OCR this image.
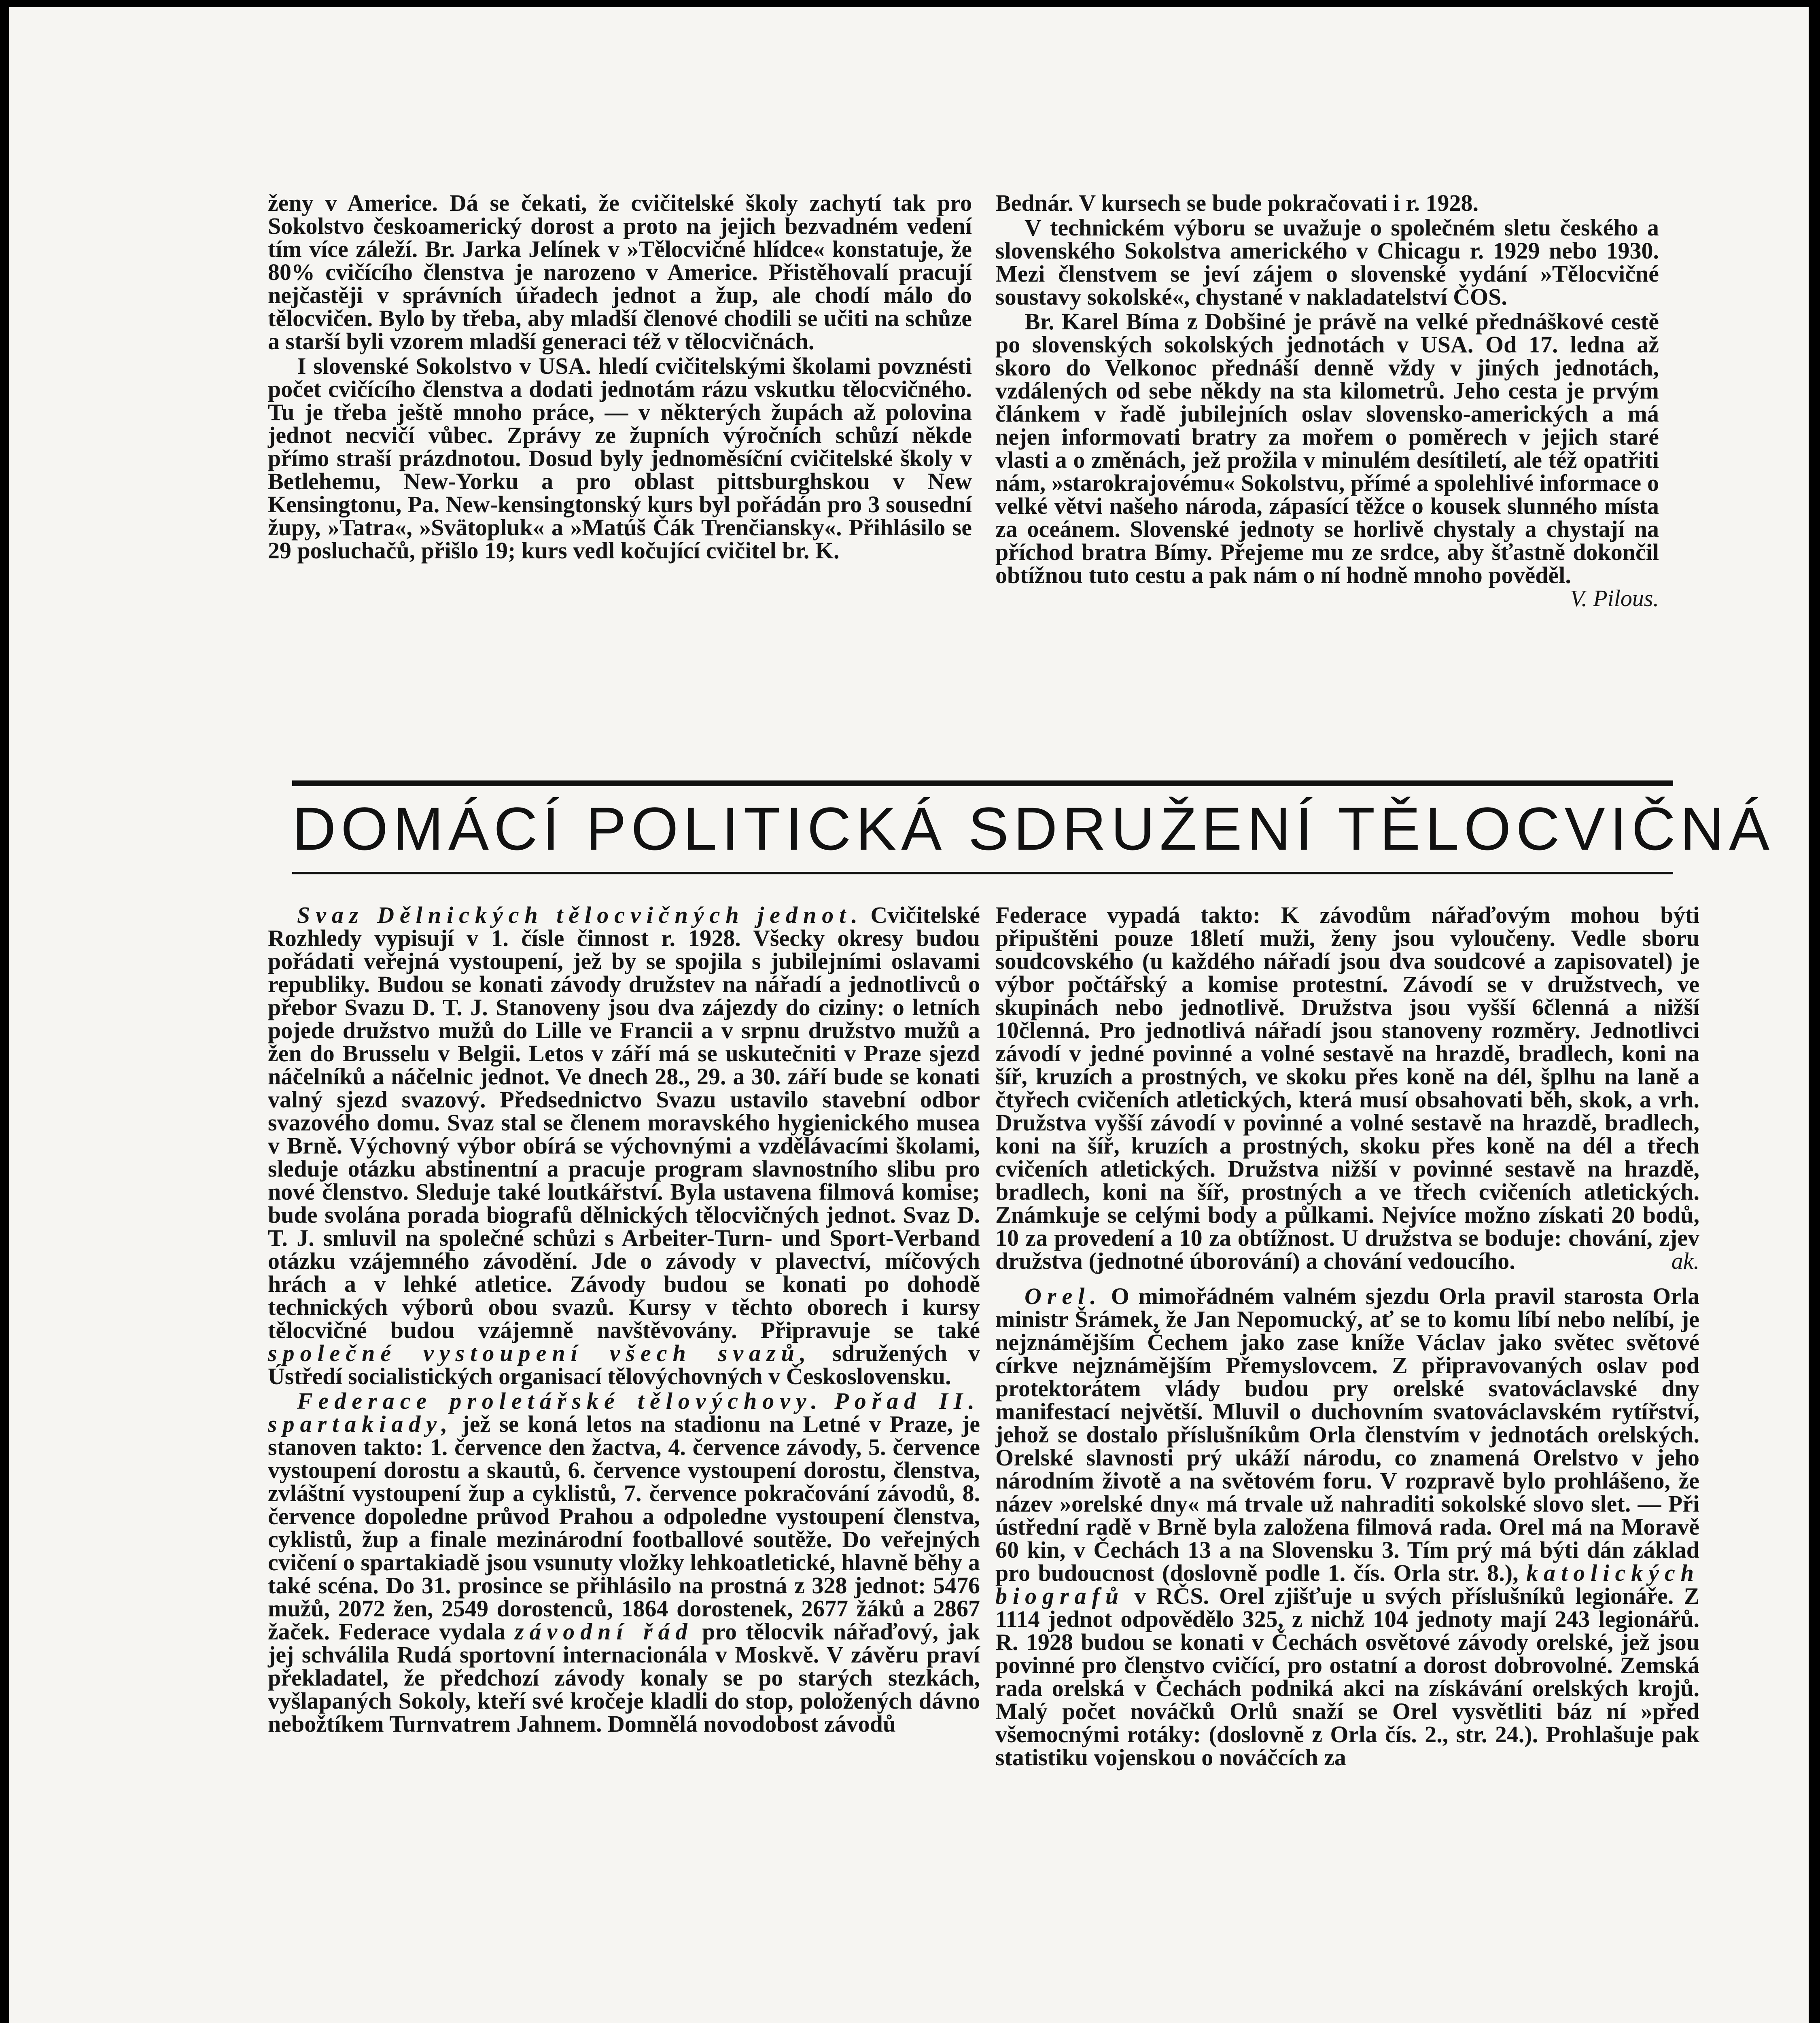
ženy v Americe. Dá se čekati, že cvičitelské školy zachytí tak pro Sokolstvo českoamerický dorost a proto na jejich bezvadném vedení tím více záleží. Br. Jarka Jelínek v »Tělocvičné hlídce« konstatuje, že 80% cvičícího členstva je narozeno v Americe. Přistěhovalí pracují nejčastěji v správních úřadech jednot a žup, ale chodí málo do tělocvičen. Bylo by třeba, aby mladší členové chodili se učiti na schůze a starší byli vzorem mladší generaci též v tělocvičnách.

I slovenské Sokolstvo v USA. hledí cvičitelskými školami povznésti počet cvičícího členstva a dodati jednotám rázu vskutku tělocvičného. Tu je třeba ještě mnoho práce, — v některých župách až polovina jednot necvičí vůbec. Zprávy ze župních výročních schůzí někde přímo straší prázdnotou. Dosud byly jednoměsíční cvičitelské školy v Betlehemu, New-Yorku a pro oblast pittsburghskou v New Kensingtonu, Pa. New-kensingtonský kurs byl pořádán pro 3 sousední župy, »Tatra«, »Svätopluk« a »Matúš Čák Trenčiansky«. Přihlásilo se 29 posluchačů, přišlo 19; kurs vedl kočující cvičitel br. K.

Bednár. V kursech se bude pokračovati i r. 1928.

V technickém výboru se uvažuje o společném sletu českého a slovenského Sokolstva amerického v Chicagu r. 1929 nebo 1930. Mezi členstvem se jeví zájem o slovenské vydání »Tělocvičné soustavy sokolské«, chystané v nakladatelství ČOS.

Br. Karel Bíma z Dobšiné je právě na velké přednáškové cestě po slovenských sokolských jednotách v USA. Od 17. ledna až skoro do Velkonoc přednáší denně vždy v jiných jednotách, vzdálených od sebe někdy na sta kilometrů. Jeho cesta je prvým článkem v řadě jubilejních oslav slovensko-amerických a má nejen informovati bratry za mořem o poměrech v jejich staré vlasti a o změnách, jež prožila v minulém desítiletí, ale též opatřiti nám, »starokrajovému« Sokolstvu, přímé a spolehlivé informace o velké větvi našeho národa, zápasící těžce o kousek slunného místa za oceánem. Slovenské jednoty se horlivě chystaly a chystají na příchod bratra Bímy. Přejeme mu ze srdce, aby šťastně dokončil obtížnou tuto cestu a pak nám o ní hodně mnoho pověděl.
V. Pilous.

DOMÁCÍ POLITICKÁ SDRUŽENÍ TĚLOCVIČNÁ

Svaz Dělnických tělocvičných jednot. Cvičitelské Rozhledy vypisují v 1. čísle činnost r. 1928. Všecky okresy budou pořádati veřejná vystoupení, jež by se spojila s jubilejními oslavami republiky. Budou se konati závody družstev na nářadí a jednotlivců o přebor Svazu D. T. J. Stanoveny jsou dva zájezdy do ciziny: o letních pojede družstvo mužů do Lille ve Francii a v srpnu družstvo mužů a žen do Brusselu v Belgii. Letos v září má se uskutečniti v Praze sjezd náčelníků a náčelnic jednot. Ve dnech 28., 29. a 30. září bude se konati valný sjezd svazový. Předsednictvo Svazu ustavilo stavební odbor svazového domu. Svaz stal se členem moravského hygienického musea v Brně. Výchovný výbor obírá se výchovnými a vzdělávacími školami, sleduje otázku abstinentní a pracuje program slavnostního slibu pro nové členstvo. Sleduje také loutkářství. Byla ustavena filmová komise; bude svolána porada biografů dělnických tělocvičných jednot. Svaz D. T. J. smluvil na společné schůzi s Arbeiter-Turn- und Sport-Verband otázku vzájemného závodění. Jde o závody v plavectví, míčových hrách a v lehké atletice. Závody budou se konati po dohodě technických výborů obou svazů. Kursy v těchto oborech i kursy tělocvičné budou vzájemně navštěvovány. Připravuje se také společné vystoupení všech svazů, sdružených v Ústředí socialistických organisací tělovýchovných v Československu.

Federace proletářské tělovýchovy. Pořad II. spartakiady, jež se koná letos na stadionu na Letné v Praze, je stanoven takto: 1. července den žactva, 4. července závody, 5. července vystoupení dorostu a skautů, 6. července vystoupení dorostu, členstva, zvláštní vystoupení žup a cyklistů, 7. července pokračování závodů, 8. července dopoledne průvod Prahou a odpoledne vystoupení členstva, cyklistů, žup a finale mezinárodní footballové soutěže. Do veřejných cvičení o spartakiadě jsou vsunuty vložky lehkoatletické, hlavně běhy a také scéna. Do 31. prosince se přihlásilo na prostná z 328 jednot: 5476 mužů, 2072 žen, 2549 dorostenců, 1864 dorostenek, 2677 žáků a 2867 žaček. Federace vydala závodní řád pro tělocvik nářaďový, jak jej schválila Rudá sportovní internacionála v Moskvě. V závěru praví překladatel, že předchozí závody konaly se po starých stezkách, vyšlapaných Sokoly, kteří své kročeje kladli do stop, položených dávno nebožtíkem Turnvatrem Jahnem. Domnělá novodobost závodů

Federace vypadá takto: K závodům nářaďovým mohou býti připuštěni pouze 18letí muži, ženy jsou vyloučeny. Vedle sboru soudcovského (u každého nářadí jsou dva soudcové a zapisovatel) je výbor počtářský a komise protestní. Závodí se v družstvech, ve skupinách nebo jednotlivě. Družstva jsou vyšší 6členná a nižší 10členná. Pro jednotlivá nářadí jsou stanoveny rozměry. Jednotlivci závodí v jedné povinné a volné sestavě na hrazdě, bradlech, koni na šíř, kruzích a prostných, ve skoku přes koně na dél, šplhu na laně a čtyřech cvičeních atletických, která musí obsahovati běh, skok, a vrh. Družstva vyšší závodí v povinné a volné sestavě na hrazdě, bradlech, koni na šíř, kruzích a prostných, skoku přes koně na dél a třech cvičeních atletických. Družstva nižší v povinné sestavě na hrazdě, bradlech, koni na šíř, prostných a ve třech cvičeních atletických. Známkuje se celými body a půlkami. Nejvíce možno získati 20 bodů, 10 za provedení a 10 za obtížnost. U družstva se boduje: chování, zjev družstva (jednotné úborování) a chování vedoucího.	ak.

Orel. O mimořádném valném sjezdu Orla pravil starosta Orla ministr Šrámek, že Jan Nepomucký, ať se to komu líbí nebo nelíbí, je nejznámějším Čechem jako zase kníže Václav jako světec světové církve nejznámějším Přemyslovcem. Z připravovaných oslav pod protektorátem vlády budou pry orelské svatováclavské dny manifestací největší. Mluvil o duchovním svatováclavském rytířství, jehož se dostalo příslušníkům Orla členstvím v jednotách orelských. Orelské slavnosti prý ukáží národu, co znamená Orelstvo v jeho národním životě a na světovém foru. V rozpravě bylo prohlášeno, že název »orelské dny« má trvale už nahraditi sokolské slovo slet. — Při ústřední radě v Brně byla založena filmová rada. Orel má na Moravě 60 kin, v Čechách 13 a na Slovensku 3. Tím prý má býti dán základ pro budoucnost (doslovně podle 1. čís. Orla str. 8.), katolických biografů v RČS. Orel zjišťuje u svých příslušníků legionáře. Z 1114 jednot odpovědělo 325, z nichž 104 jednoty mají 243 legionářů. R. 1928 budou se konati v Čechách osvětové závody orelské, jež jsou povinné pro členstvo cvičící, pro ostatní a dorost dobrovolné. Zemská rada orelská v Čechách podniká akci na získávání orelských krojů. Malý počet nováčků Orlů snaží se Orel vysvětliti báz ní »před všemocnými rotáky: (doslovně z Orla čís. 2., str. 24.). Prohlašuje pak statistiku vojenskou o nováčcích za
